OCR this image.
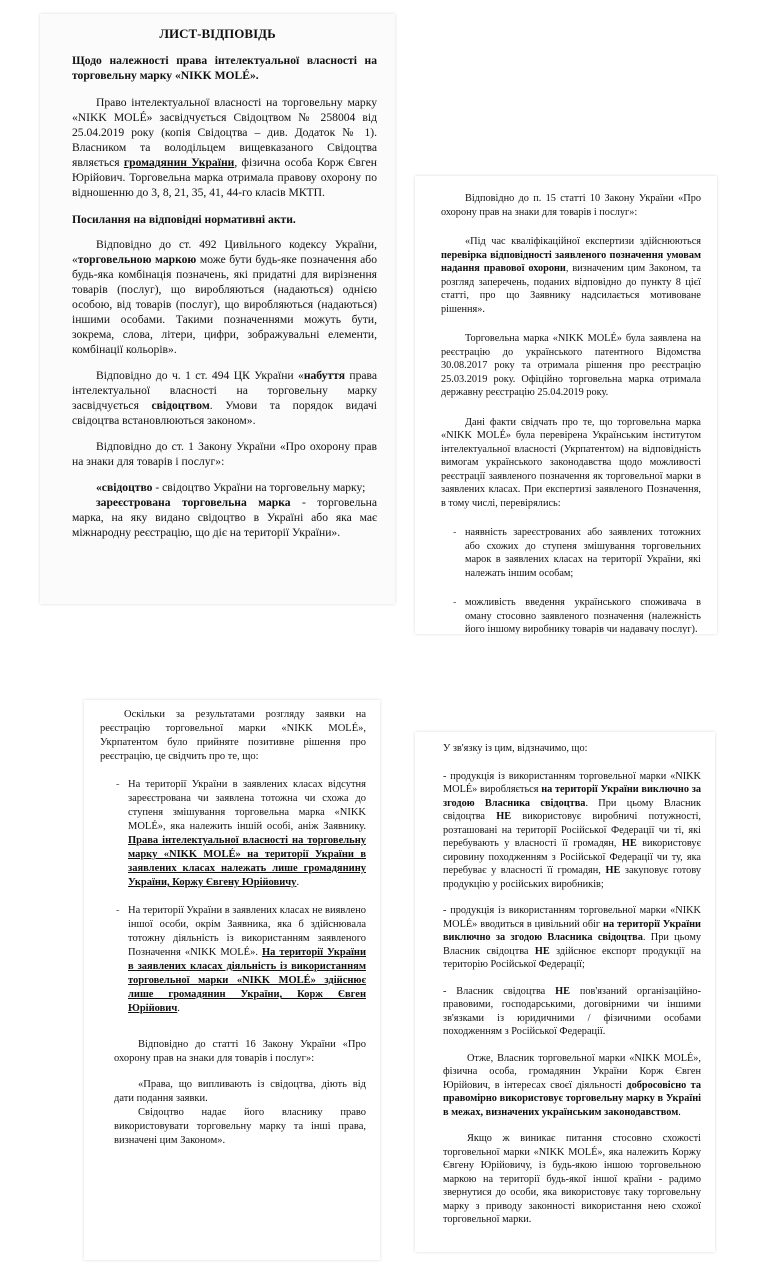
ЛИСТ-ВІДПОВІДЬ

Щодо належності права інтелектуальної власності на торговельну марку «NIKK MOLÉ».

Право інтелектуальної власності на торговельну марку «NIKK MOLÉ» засвідчується Свідоцтвом № 258004 від 25.04.2019 року (копія Свідоцтва – див. Додаток № 1). Власником та володільцем вищевказаного Свідоцтва являється громадянин України, фізична особа Корж Євген Юрійович. Торговельна марка отримала правову охорону по відношенню до 3, 8, 21, 35, 41, 44-го класів МКТП.

Посилання на відповідні нормативні акти.

Відповідно до ст. 492 Цивільного кодексу України, «торговельною маркою може бути будь-яке позначення або будь-яка комбінація позначень, які придатні для вирізнення товарів (послуг), що виробляються (надаються) однією особою, від товарів (послуг), що виробляються (надаються) іншими особами. Такими позначеннями можуть бути, зокрема, слова, літери, цифри, зображувальні елементи, комбінації кольорів».

Відповідно до ч. 1 ст. 494 ЦК України «набуття права інтелектуальної власності на торговельну марку засвідчується свідоцтвом. Умови та порядок видачі свідоцтва встановлюються законом».

Відповідно до ст. 1 Закону України «Про охорону прав на знаки для товарів і послуг»:

«свідоцтво - свідоцтво України на торговельну марку;

зареєстрована торговельна марка - торговельна марка, на яку видано свідоцтво в Україні або яка має міжнародну реєстрацію, що діє на території України».

Відповідно до п. 15 статті 10 Закону України «Про охорону прав на знаки для товарів і послуг»:

«Під час кваліфікаційної експертизи здійснюються перевірка відповідності заявленого позначення умовам надання правової охорони, визначеним цим Законом, та розгляд заперечень, поданих відповідно до пункту 8 цієї статті, про що Заявнику надсилається мотивоване рішення».

Торговельна марка «NIKK MOLÉ» була заявлена на реєстрацію до українського патентного Відомства 30.08.2017 року та отримала рішення про реєстрацію 25.03.2019 року. Офіційно торговельна марка отримала державну реєстрацію 25.04.2019 року.

Дані факти свідчать про те, що торговельна марка «NIKK MOLÉ» була перевірена Українським інститутом інтелектуальної власності (Укрпатентом) на відповідність вимогам українського законодавства щодо можливості реєстрації заявленого позначення як торговельної марки в заявлених класах. При експертизі заявленого Позначення, в тому числі, перевірялись:

- наявність зареєстрованих або заявлених тотожних або схожих до ступеня змішування торговельних марок в заявлених класах на території України, які належать іншим особам;

- можливість введення українського споживача в оману стосовно заявленого позначення (належність його іншому виробнику товарів чи надавачу послуг).

Оскільки за результатами розгляду заявки на реєстрацію торговельної марки «NIKK MOLÉ», Укрпатентом було прийняте позитивне рішення про реєстрацію, це свідчить про те, що:

- На території України в заявлених класах відсутня зареєстрована чи заявлена тотожна чи схожа до ступеня змішування торговельна марка «NIKK MOLÉ», яка належить іншій особі, аніж Заявнику. Права інтелектуальної власності на торговельну марку «NIKK MOLÉ» на території України в заявлених класах належать лише громадянину України, Коржу Євгену Юрійовичу.

- На території України в заявлених класах не виявлено іншої особи, окрім Заявника, яка б здійснювала тотожну діяльність із використанням заявленого Позначення «NIKK MOLÉ». На території України в заявлених класах діяльність із використанням торговельної марки «NIKK MOLÉ» здійснює лише громадянин України, Корж Євген Юрійович.

Відповідно до статті 16 Закону України «Про охорону прав на знаки для товарів і послуг»:

«Права, що випливають із свідоцтва, діють від дати подання заявки.

Свідоцтво надає його власнику право використовувати торговельну марку та інші права, визначені цим Законом».

У зв'язку із цим, відзначимо, що:

- продукція із використанням торговельної марки «NIKK MOLÉ» виробляється на території України виключно за згодою Власника свідоцтва. При цьому Власник свідоцтва НЕ використовує виробничі потужності, розташовані на території Російської Федерації чи ті, які перебувають у власності її громадян, НЕ використовує сировину походженням з Російської Федерації чи ту, яка перебуває у власності її громадян, НЕ закуповує готову продукцію у російських виробників;

- продукція із використанням торговельної марки «NIKK MOLÉ» вводиться в цивільний обіг на території України виключно за згодою Власника свідоцтва. При цьому Власник свідоцтва НЕ здійснює експорт продукції на територію Російської Федерації;

- Власник свідоцтва НЕ пов'язаний організаційно-правовими, господарськими, договірними чи іншими зв'язками із юридичними / фізичними особами походженням з Російської Федерації.

Отже, Власник торговельної марки «NIKK MOLÉ», фізична особа, громадянин України Корж Євген Юрійович, в інтересах своєї діяльності добросовісно та правомірно використовує торговельну марку в Україні в межах, визначених українським законодавством.

Якщо ж виникає питання стосовно схожості торговельної марки «NIKK MOLÉ», яка належить Коржу Євгену Юрійовичу, із будь-якою іншою торговельною маркою на території будь-якої іншої країни - радимо звернутися до особи, яка використовує таку торговельну марку з приводу законності використання нею схожої торговельної марки.
